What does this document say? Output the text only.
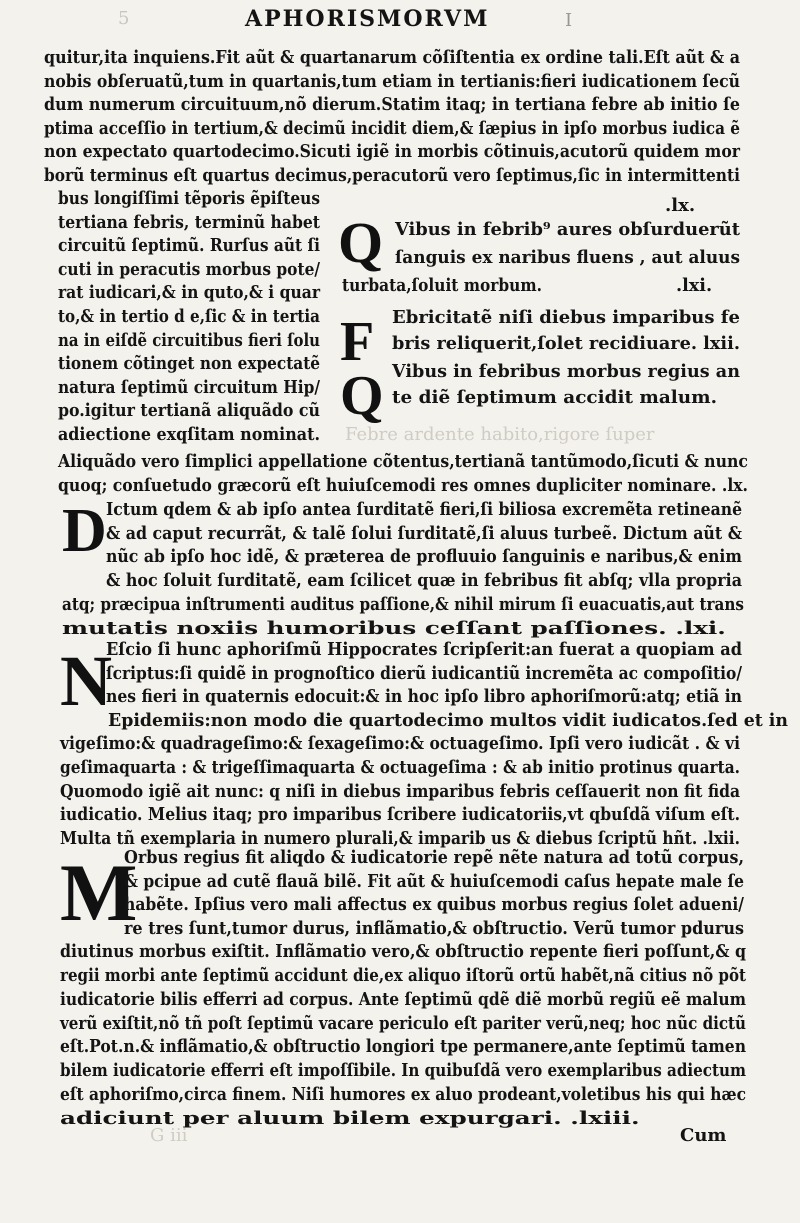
5	APHORISMORVM	I
quitur,ita inquiens.Fit aũt & quartanarum cõſiſtentia ex ordine tali.Eſt aũt & a
nobis obſeruatũ,tum in quartanis,tum etiam in tertianis:fieri iudicationem ſecũ
dum numerum circuituum,nõ dierum.Statim itaq; in tertiana febre ab initio ſe
ptima acceſſio in tertium,& decimũ incidit diem,& ſæpius in ipſo morbus iudica ẽ
non expectato quartodecimo.Sicuti igiẽ in morbis cõtinuis,acutorũ quidem mor
borũ terminus eſt quartus decimus,peracutorũ vero ſeptimus,ſic in intermittenti
bus longiſſimi tẽporis ẽpiſteus
tertiana febris, terminũ habet
circuitũ ſeptimũ. Rurſus aũt ſi
cuti in peracutis morbus pote/
rat iudicari,& in quto,& i quar
to,& in tertio d e,ſic & in tertia
na in eiſdẽ circuitibus fieri ſolu
tionem cõtinget non expectatẽ
natura ſeptimũ circuitum Hip/
po.igitur tertianã aliquãdo cũ
adiectione exqſitam nominat.
.lx.
Q Vibus in febrib⁹ aures obſurduerũt
ſanguis ex naribus fluens , aut aluus
turbata,ſoluit morbum.	.lxi.
F Ebricitatẽ niſi diebus imparibus fe
bris reliquerit,ſolet recidiuare. lxii.
Q Vibus in febribus morbus regius an
te diẽ ſeptimum accidit malum.
Febre ardente habito,rigore ſuper
Aliquãdo vero ſimplici appellatione cõtentus,tertianã tantũmodo,ſicuti & nunc
quoq; conſuetudo græcorũ eſt huiuſcemodi res omnes dupliciter nominare. .lx.
D Ictum qdem & ab ipſo antea ſurditatẽ fieri,ſi biliosa excremẽta retineanẽ
& ad caput recurrãt, & talẽ ſolui ſurditatẽ,ſi aluus turbeẽ. Dictum aũt &
nũc ab ipſo hoc idẽ, & præterea de profluuio ſanguinis e naribus,& enim
& hoc ſoluit ſurditatẽ, eam ſcilicet quæ in febribus fit abſq; vlla propria
atq; præcipua inſtrumenti auditus paſſione,& nihil mirum ſi euacuatis,aut trans
mutatis noxiis humoribus ceſſant paſſiones. .lxi.
N
Eſcio ſi hunc aphoriſmũ Hippocrates ſcripſerit:an fuerat a quopiam ad
ſcriptus:ſi quidẽ in prognoſtico dierũ iudicantiũ incremẽta ac compoſitio/
nes fieri in quaternis edocuit:& in hoc ipſo libro aphoriſmorũ:atq; etiã in
Epidemiis:non modo die quartodecimo multos vidit iudicatos.ſed et in
vigeſimo:& quadrageſimo:& ſexageſimo:& octuageſimo. Ipſi vero iudicãt . & vi
geſimaquarta : & trigeſſimaquarta & octuageſima : & ab initio protinus quarta.
Quomodo igiẽ ait nunc: q niſi in diebus imparibus febris ceſſauerit non fit fida
iudicatio. Melius itaq; pro imparibus ſcribere iudicatoriis,vt qbuſdã viſum eſt.
Multa tñ exemplaria in numero plurali,& imparib us & diebus ſcriptũ hñt. .lxii.
M
Orbus regius fit aliqdo & iudicatorie repẽ nẽte natura ad totũ corpus,
& pcipue ad cutẽ flauã bilẽ. Fit aũt & huiuſcemodi caſus hepate male ſe
habẽte. Ipſius vero mali affectus ex quibus morbus regius ſolet adueni/
re tres ſunt,tumor durus, inflãmatio,& obſtructio. Verũ tumor pdurus
diutinus morbus exiſtit. Inflãmatio vero,& obſtructio repente fieri poſſunt,& q
regii morbi ante ſeptimũ accidunt die,ex aliquo iſtorũ ortũ habẽt,nã citius nõ põt
iudicatorie bilis efferri ad corpus. Ante ſeptimũ qdẽ diẽ morbũ regiũ eẽ malum
verũ exiſtit,nõ tñ poſt ſeptimũ vacare periculo eſt pariter verũ,neq; hoc nũc dictũ
eſt.Pot.n.& inflãmatio,& obſtructio longiori tpe permanere,ante ſeptimũ tamen
bilem iudicatorie efferri eſt impoſſibile. In quibuſdã vero exemplaribus adiectum
eſt aphoriſmo,circa finem. Niſi humores ex aluo prodeant,voletibus his qui hæc
adiciunt per aluum bilem expurgari. .lxiii.
G iii	Cum
